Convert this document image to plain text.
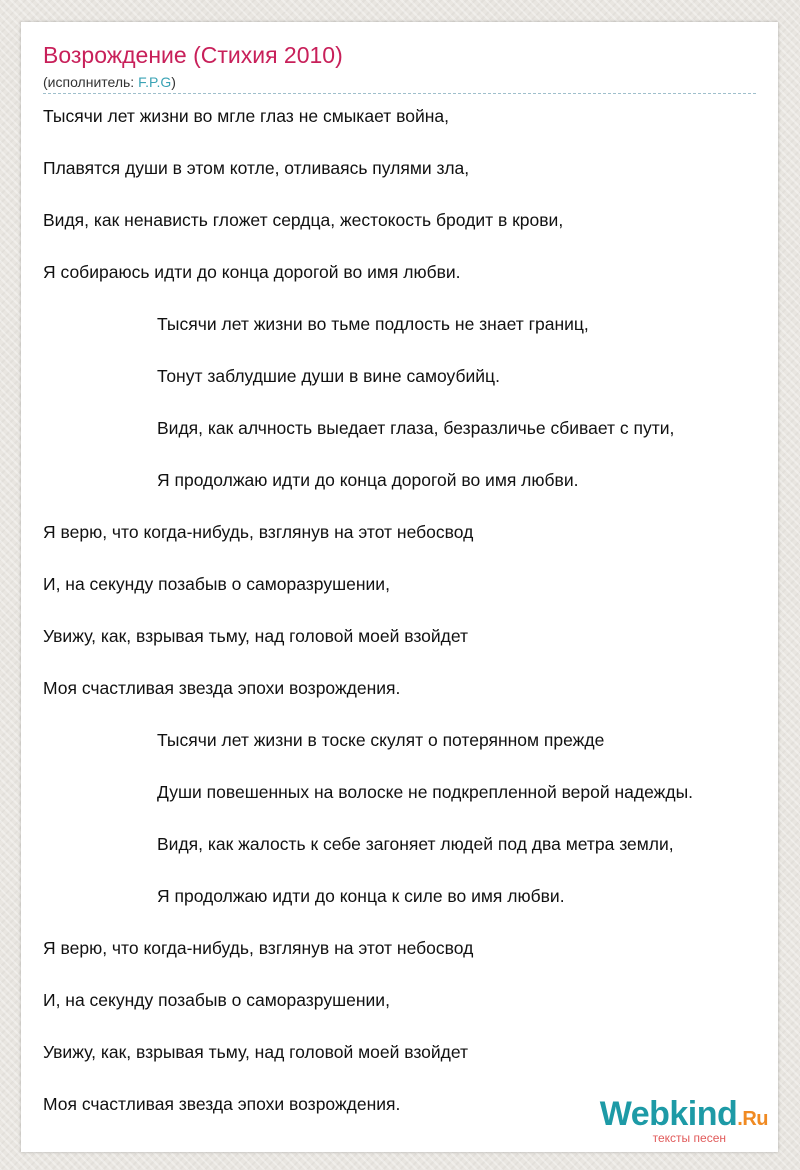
Возрождение (Стихия 2010)
(исполнитель: F.P.G)
Тысячи лет жизни во мгле глаз не смыкает война,
Плавятся души в этом котле, отливаясь пулями зла,
Видя, как ненависть гложет сердца, жестокость бродит в крови,
Я собираюсь идти до конца дорогой во имя любви.
Тысячи лет жизни во тьме подлость не знает границ,
Тонут заблудшие души в вине самоубийц.
Видя, как алчность выедает глаза, безразличье сбивает с пути,
Я продолжаю идти до конца дорогой во имя любви.
Я верю, что когда-нибудь, взглянув на этот небосвод
И, на секунду позабыв о саморазрушении,
Увижу, как, взрывая тьму, над головой моей взойдет
Моя счастливая звезда эпохи возрождения.
Тысячи лет жизни в тоске скулят о потерянном прежде
Души повешенных на волоске не подкрепленной верой надежды.
Видя, как жалость к себе загоняет людей под два метра земли,
Я продолжаю идти до конца к силе во имя любви.
Я верю, что когда-нибудь, взглянув на этот небосвод
И, на секунду позабыв о саморазрушении,
Увижу, как, взрывая тьму, над головой моей взойдет
Моя счастливая звезда эпохи возрождения.	Webkind.Ru
тексты песен
